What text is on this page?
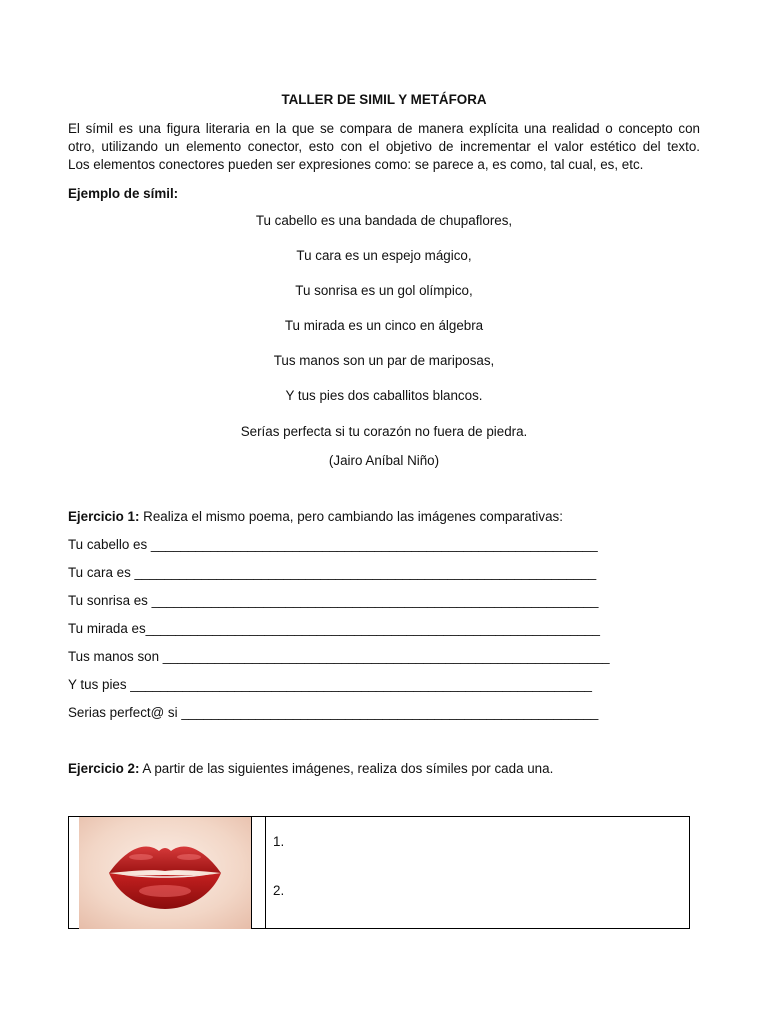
TALLER DE SIMIL Y METÁFORA
El símil es una figura literaria en la que se compara de manera explícita una realidad o concepto con
otro, utilizando un elemento conector, esto con el objetivo de incrementar el valor estético del texto.
Los elementos conectores pueden ser expresiones como: se parece a, es como, tal cual, es, etc.
Ejemplo de símil:
Tu cabello es una bandada de chupaflores,
Tu cara es un espejo mágico,
Tu sonrisa es un gol olímpico,
Tu mirada es un cinco en álgebra
Tus manos son un par de mariposas,
Y tus pies dos caballitos blancos.
Serías perfecta si tu corazón no fuera de piedra.
(Jairo Aníbal Niño)
Ejercicio 1: Realiza el mismo poema, pero cambiando las imágenes comparativas:
Tu cabello es ____________________________________________________________
Tu cara es ______________________________________________________________
Tu sonrisa es ____________________________________________________________
Tu mirada es_____________________________________________________________
Tus manos son ____________________________________________________________
Y tus pies ______________________________________________________________
Serias perfect@ si ________________________________________________________
Ejercicio 2: A partir de las siguientes imágenes, realiza dos símiles por cada una.
1.
2.
